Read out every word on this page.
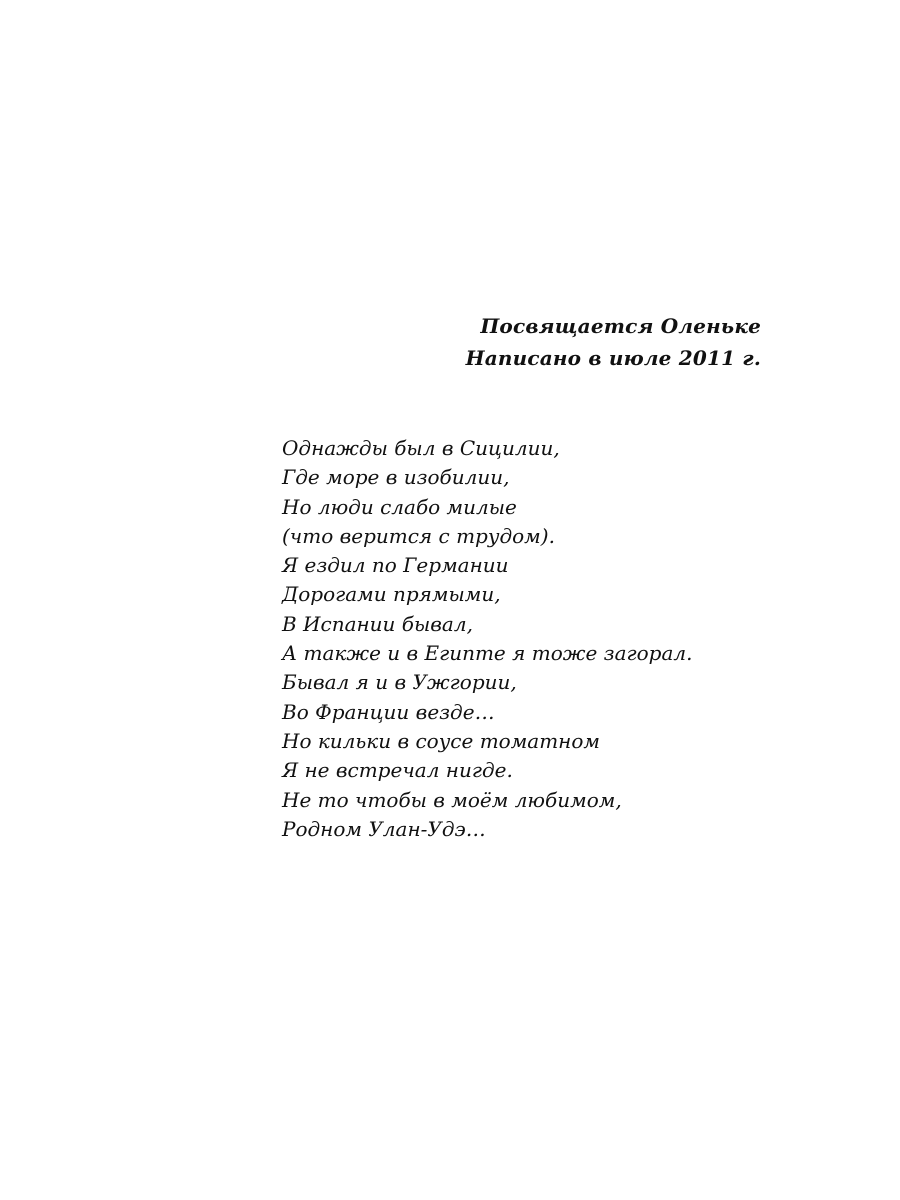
Посвящается Оленьке
Написано в июле 2011 г.
Однажды был в Сицилии,
Где море в изобилии,
Но люди слабо милые
(что верится с трудом).
Я ездил по Германии
Дорогами прямыми,
В Испании бывал,
А также и в Египте я тоже загорал.
Бывал я и в Ужгории,
Во Франции везде…
Но кильки в соусе томатном
Я не встречал нигде.
Не то чтобы в моём любимом,
Родном Улан-Удэ…
